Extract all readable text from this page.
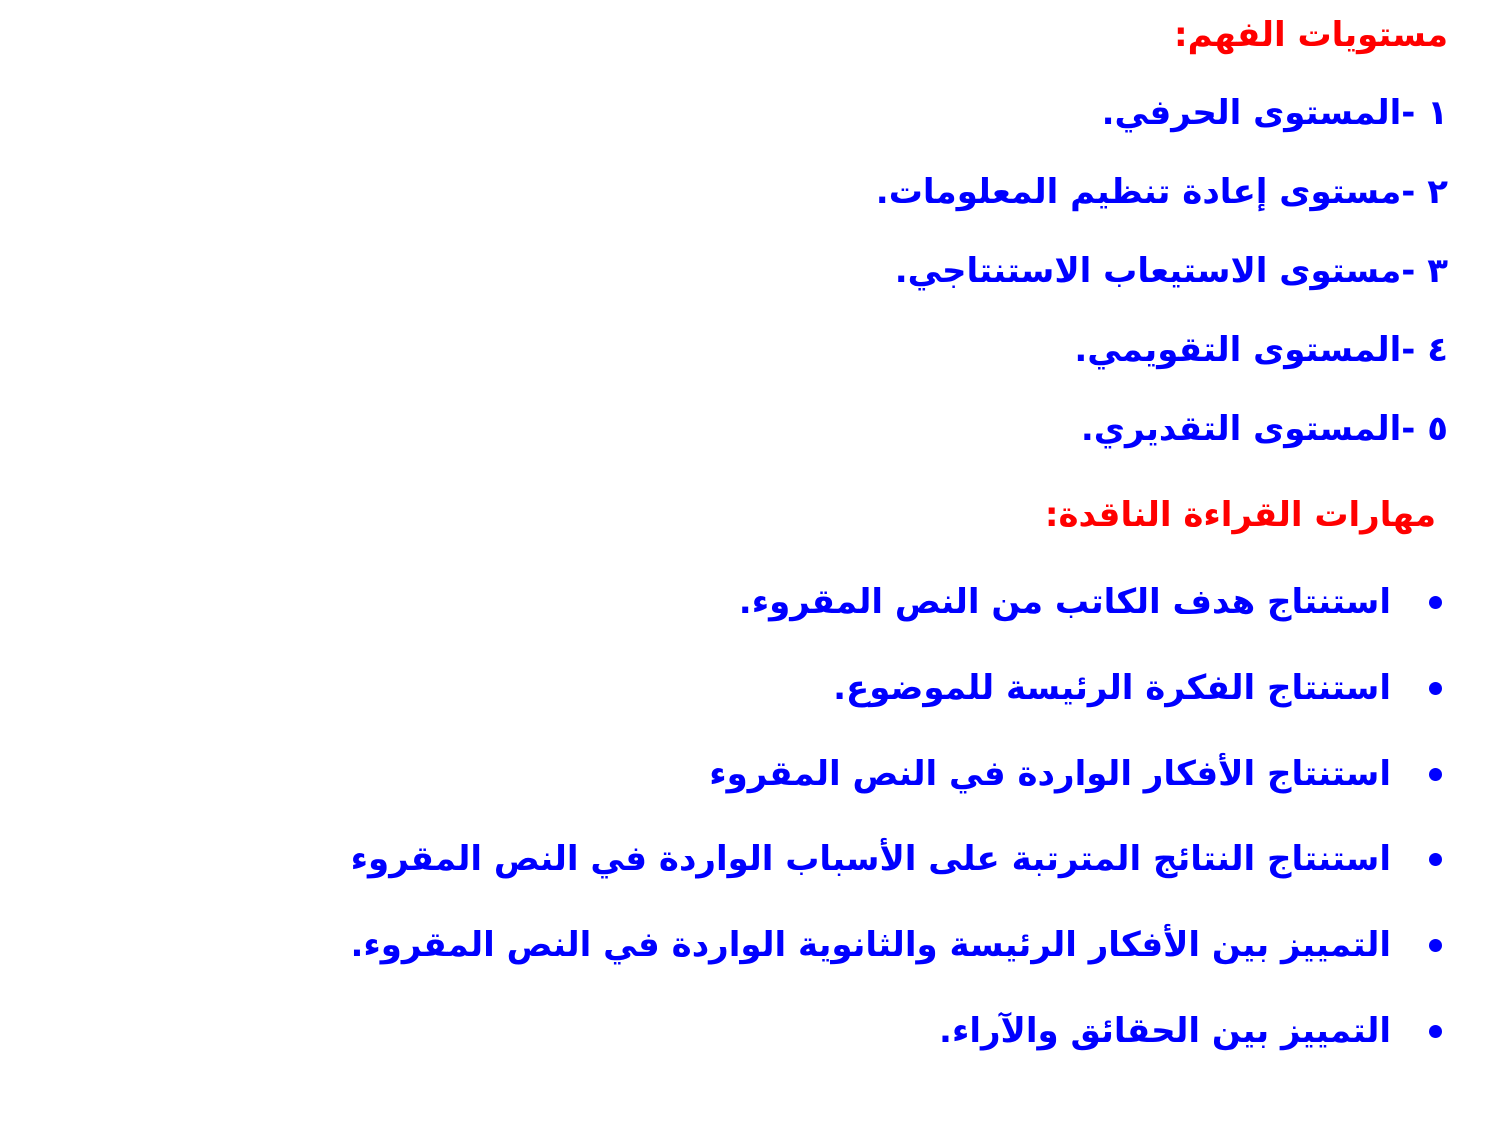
مستويات الفهم:
١ -المستوى الحرفي.
٢ -مستوى إعادة تنظيم المعلومات.
٣ -مستوى الاستيعاب الاستنتاجي.
٤ -المستوى التقويمي.
٥ -المستوى التقديري.
مهارات القراءة الناقدة:
استنتاج هدف الكاتب من النص المقروء.
استنتاج الفكرة الرئيسة للموضوع.
استنتاج الأفكار الواردة في النص المقروء
استنتاج النتائج المترتبة على الأسباب الواردة في النص المقروء
التمييز بين الأفكار الرئيسة والثانوية الواردة في النص المقروء.
التمييز بين الحقائق والآراء.
